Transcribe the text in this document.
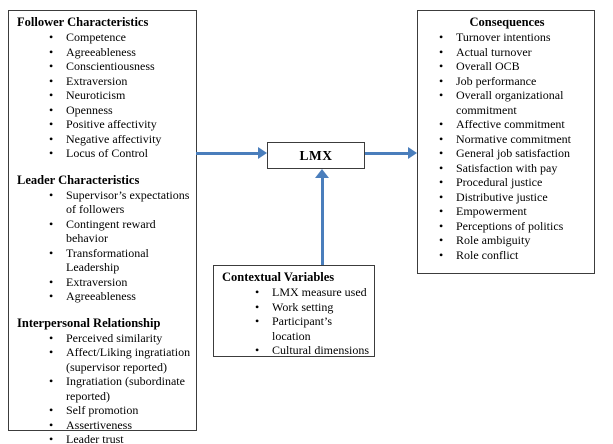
Follower Characteristics
• Competence
• Agreeableness
• Conscientiousness
• Extraversion
• Neuroticism
• Openness
• Positive affectivity
• Negative affectivity
• Locus of Control
Leader Characteristics
• Supervisor’s expectations of followers
• Contingent reward behavior
• Transformational Leadership
• Extraversion
• Agreeableness
Interpersonal Relationship
• Perceived similarity
• Affect/Liking ingratiation (supervisor reported)
• Ingratiation (subordinate reported)
• Self promotion
• Assertiveness
• Leader trust
LMX
Contextual Variables
• LMX measure used
• Work setting
• Participant’s location
• Cultural dimensions
Consequences
• Turnover intentions
• Actual turnover
• Overall OCB
• Job performance
• Overall organizational commitment
• Affective commitment
• Normative commitment
• General job satisfaction
• Satisfaction with pay
• Procedural justice
• Distributive justice
• Empowerment
• Perceptions of politics
• Role ambiguity
• Role conflict
